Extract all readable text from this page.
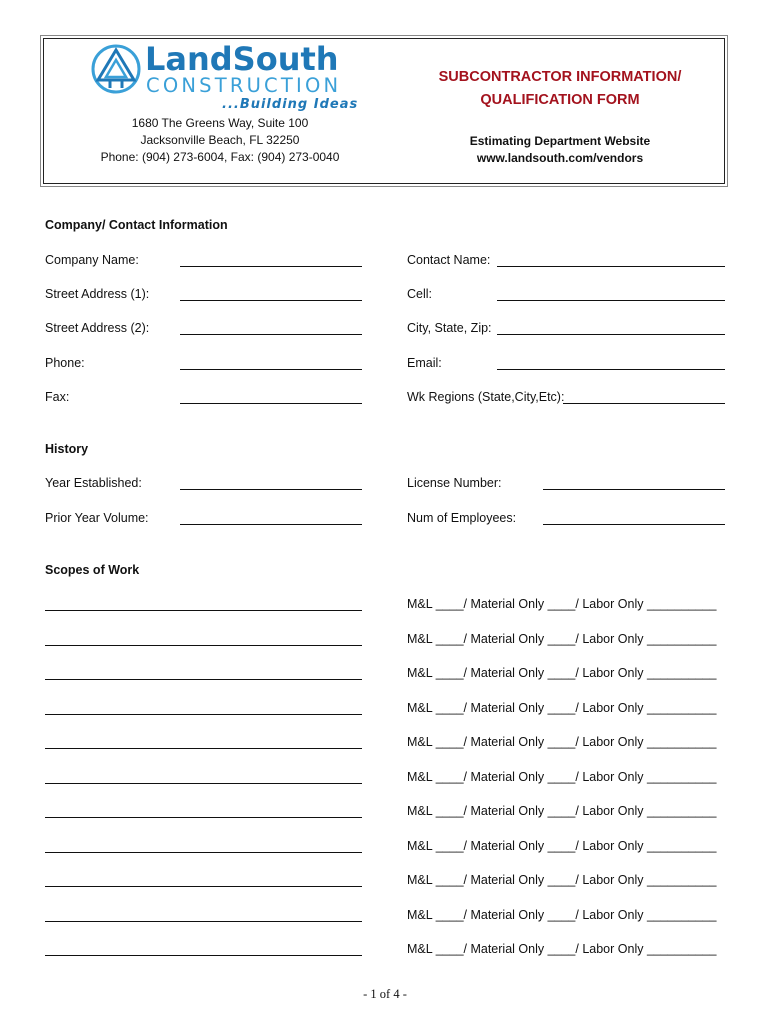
LandSouth
CONSTRUCTION
...Building Ideas
1680 The Greens Way, Suite 100
Jacksonville Beach, FL 32250
Phone: (904) 273-6004, Fax: (904) 273-0040
SUBCONTRACTOR INFORMATION/
QUALIFICATION FORM
Estimating Department Website
www.landsouth.com/vendors
Company/ Contact Information
Company Name:	Contact Name:
Street Address (1):	Cell:
Street Address (2):	City, State, Zip:
Phone:	Email:
Fax:	Wk Regions (State,City,Etc):
History
Year Established:	License Number:
Prior Year Volume:	Num of Employees:
Scopes of Work
M&L ____/ Material Only ____/ Labor Only __________
M&L ____/ Material Only ____/ Labor Only __________
M&L ____/ Material Only ____/ Labor Only __________
M&L ____/ Material Only ____/ Labor Only __________
M&L ____/ Material Only ____/ Labor Only __________
M&L ____/ Material Only ____/ Labor Only __________
M&L ____/ Material Only ____/ Labor Only __________
M&L ____/ Material Only ____/ Labor Only __________
M&L ____/ Material Only ____/ Labor Only __________
M&L ____/ Material Only ____/ Labor Only __________
M&L ____/ Material Only ____/ Labor Only __________
- 1 of 4 -
